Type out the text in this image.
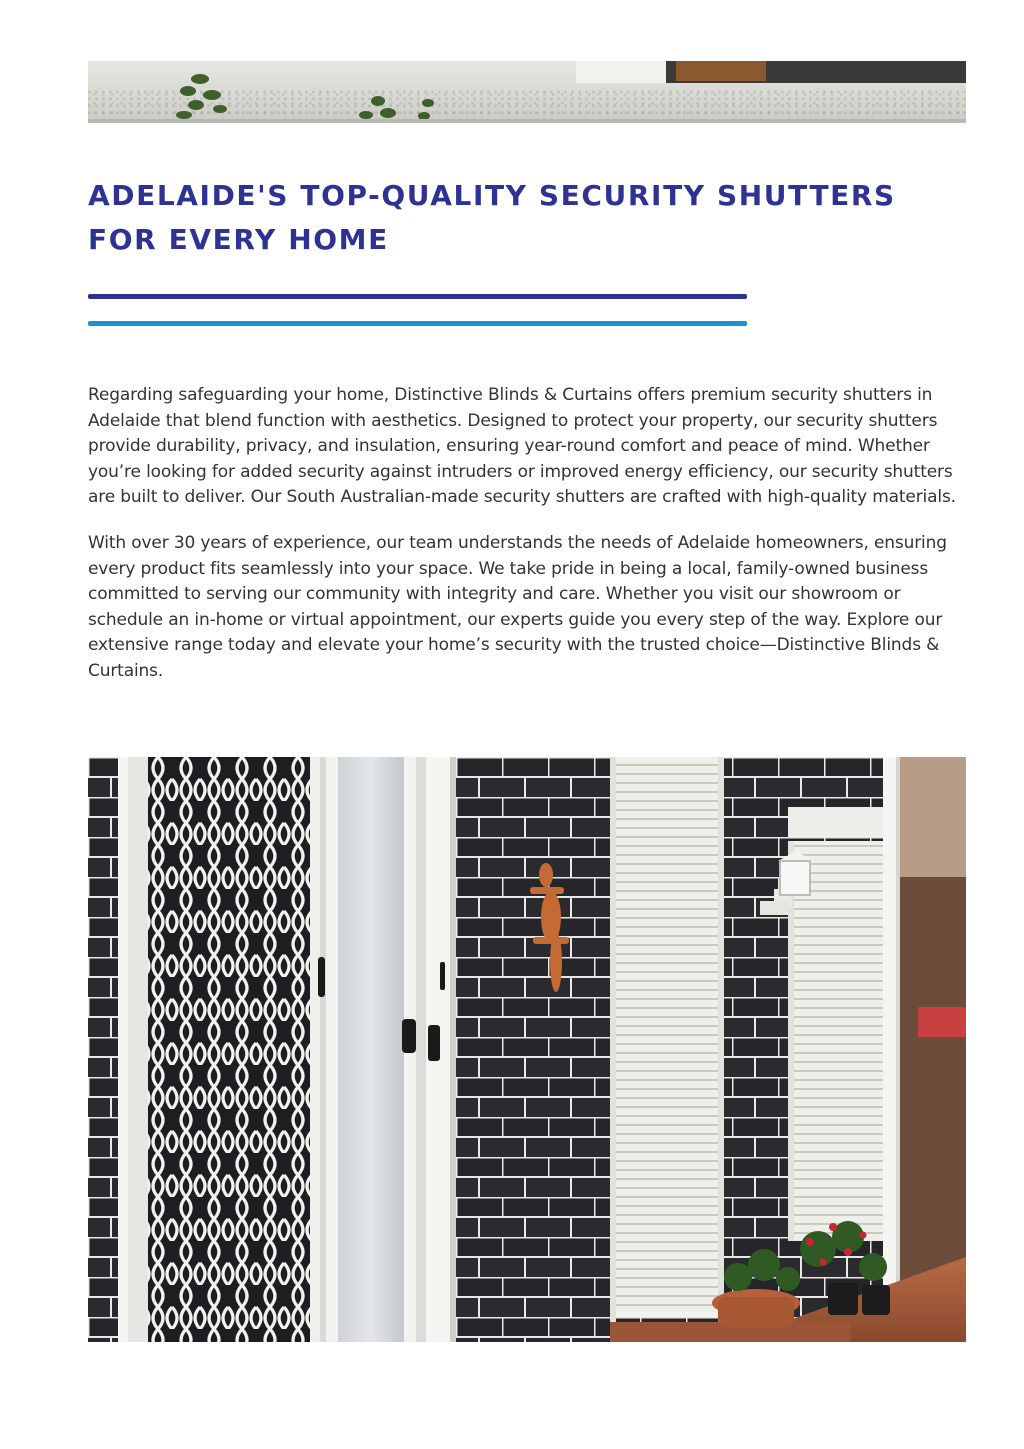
ADELAIDE'S TOP-QUALITY SECURITY SHUTTERS FOR EVERY HOME

Regarding safeguarding your home, Distinctive Blinds & Curtains offers premium security shutters in Adelaide that blend function with aesthetics. Designed to protect your property, our security shutters provide durability, privacy, and insulation, ensuring year-round comfort and peace of mind. Whether you’re looking for added security against intruders or improved energy efficiency, our security shutters are built to deliver. Our South Australian-made security shutters are crafted with high-quality materials.

With over 30 years of experience, our team understands the needs of Adelaide homeowners, ensuring every product fits seamlessly into your space. We take pride in being a local, family-owned business committed to serving our community with integrity and care. Whether you visit our showroom or schedule an in-home or virtual appointment, our experts guide you every step of the way. Explore our extensive range today and elevate your home’s security with the trusted choice—Distinctive Blinds & Curtains.
